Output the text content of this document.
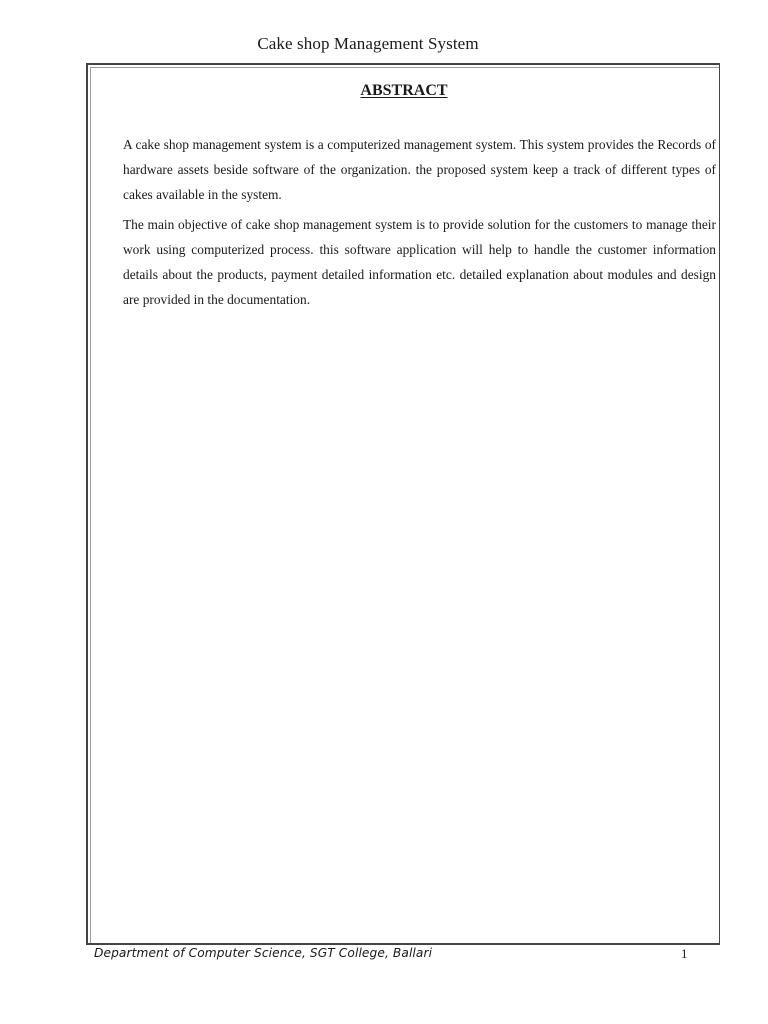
Cake shop Management System
ABSTRACT

A cake shop management system is a computerized management system. This system provides the Records of hardware assets beside software of the organization. the proposed system keep a track of different types of cakes available in the system.

The main objective of cake shop management system is to provide solution for the customers to manage their work using computerized process. this software application will help to handle the customer information details about the products, payment detailed information etc. detailed explanation about modules and design are provided in the documentation.

Department of Computer Science, SGT College, Ballari	1
